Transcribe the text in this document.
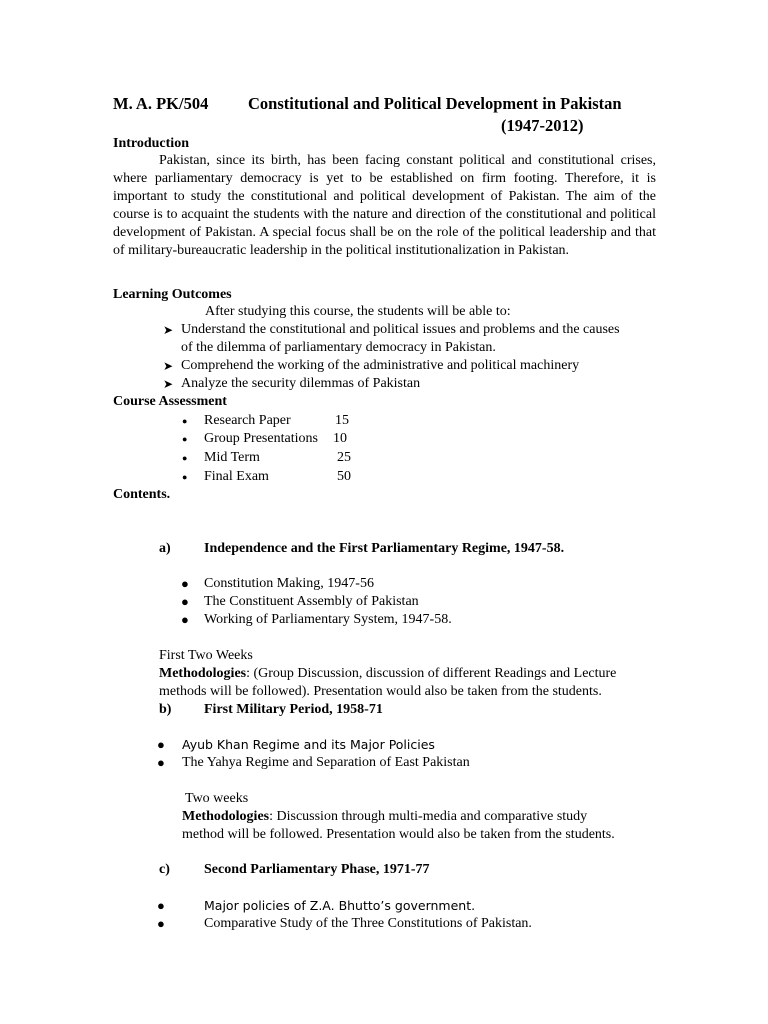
M. A. PK/504 Constitutional and Political Development in Pakistan
(1947-2012)
Introduction
Pakistan, since its birth, has been facing constant political and constitutional crises, where parliamentary democracy is yet to be established on firm footing. Therefore, it is important to study the constitutional and political development of Pakistan. The aim of the course is to acquaint the students with the nature and direction of the constitutional and political development of Pakistan. A special focus shall be on the role of the political leadership and that of military-bureaucratic leadership in the political institutionalization in Pakistan.
Learning Outcomes
After studying this course, the students will be able to:
➤ Understand the constitutional and political issues and problems and the causes
of the dilemma of parliamentary democracy in Pakistan.
➤ Comprehend the working of the administrative and political machinery
➤ Analyze the security dilemmas of Pakistan
Course Assessment
● Research Paper	15
● Group Presentations 10
● Mid Term	25
● Final Exam	50
Contents.
a) Independence and the First Parliamentary Regime, 1947-58.
● Constitution Making, 1947-56
● The Constituent Assembly of Pakistan
● Working of Parliamentary System, 1947-58.
First Two Weeks
Methodologies: (Group Discussion, discussion of different Readings and Lecture
methods will be followed). Presentation would also be taken from the students.
b) First Military Period, 1958-71
● Ayub Khan Regime and its Major Policies
● The Yahya Regime and Separation of East Pakistan
Two weeks
Methodologies: Discussion through multi-media and comparative study
method will be followed. Presentation would also be taken from the students.
c) Second Parliamentary Phase, 1971-77
●	Major policies of Z.A. Bhutto’s government.
●	Comparative Study of the Three Constitutions of Pakistan.
